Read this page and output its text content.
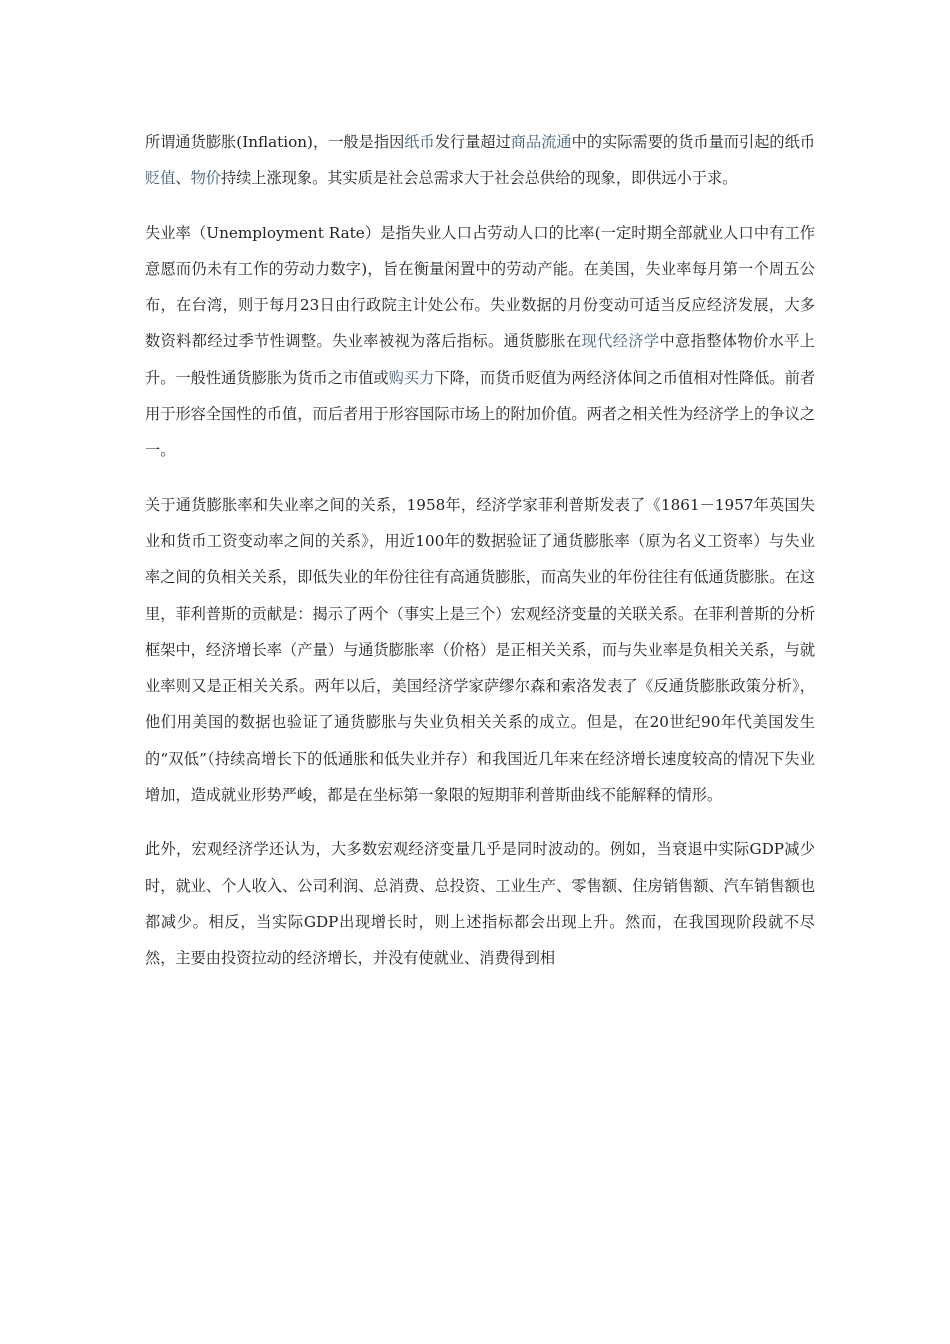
所谓通货膨胀(Inflation)，一般是指因纸币发行量超过商品流通中的实际需要的货币量而引起的纸币贬值、物价持续上涨现象。其实质是社会总需求大于社会总供给的现象，即供远小于求。

失业率（Unemployment Rate）是指失业人口占劳动人口的比率(一定时期全部就业人口中有工作意愿而仍未有工作的劳动力数字)，旨在衡量闲置中的劳动产能。在美国，失业率每月第一个周五公布，在台湾，则于每月23日由行政院主计处公布。失业数据的月份变动可适当反应经济发展，大多数资料都经过季节性调整。失业率被视为落后指标。通货膨胀在现代经济学中意指整体物价水平上升。一般性通货膨胀为货币之市值或购买力下降，而货币贬值为两经济体间之币值相对性降低。前者用于形容全国性的币值，而后者用于形容国际市场上的附加价值。两者之相关性为经济学上的争议之一。

关于通货膨胀率和失业率之间的关系，1958年，经济学家菲利普斯发表了《1861－1957年英国失业和货币工资变动率之间的关系》，用近100年的数据验证了通货膨胀率（原为名义工资率）与失业率之间的负相关关系，即低失业的年份往往有高通货膨胀，而高失业的年份往往有低通货膨胀。在这里，菲利普斯的贡献是：揭示了两个（事实上是三个）宏观经济变量的关联关系。在菲利普斯的分析框架中，经济增长率（产量）与通货膨胀率（价格）是正相关关系，而与失业率是负相关关系，与就业率则又是正相关关系。两年以后，美国经济学家萨缪尔森和索洛发表了《反通货膨胀政策分析》，他们用美国的数据也验证了通货膨胀与失业负相关关系的成立。但是，在20世纪90年代美国发生的“双低”（持续高增长下的低通胀和低失业并存）和我国近几年来在经济增长速度较高的情况下失业增加，造成就业形势严峻，都是在坐标第一象限的短期菲利普斯曲线不能解释的情形。

此外，宏观经济学还认为，大多数宏观经济变量几乎是同时波动的。例如，当衰退中实际GDP减少时，就业、个人收入、公司利润、总消费、总投资、工业生产、零售额、住房销售额、汽车销售额也都减少。相反，当实际GDP出现增长时，则上述指标都会出现上升。然而，在我国现阶段就不尽然，主要由投资拉动的经济增长，并没有使就业、消费得到相
